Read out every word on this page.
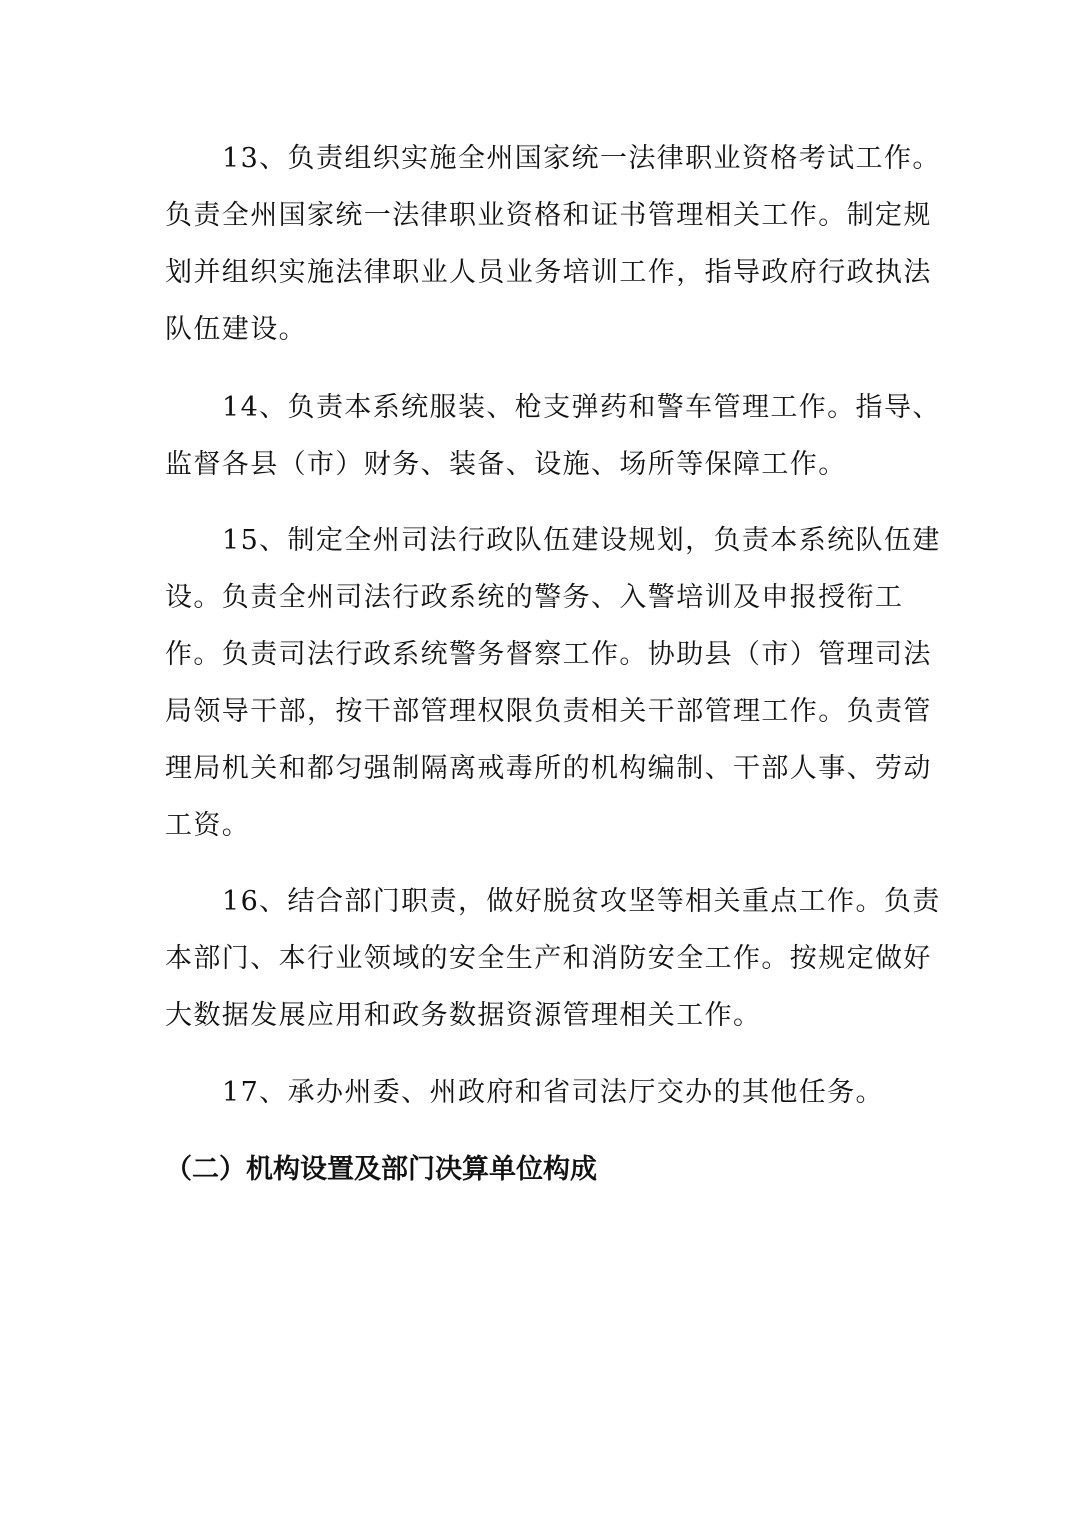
13、负责组织实施全州国家统一法律职业资格考试工作。

负责全州国家统一法律职业资格和证书管理相关工作。制定规

划并组织实施法律职业人员业务培训工作，指导政府行政执法

队伍建设。

14、负责本系统服装、枪支弹药和警车管理工作。指导、

监督各县（市）财务、装备、设施、场所等保障工作。

15、制定全州司法行政队伍建设规划，负责本系统队伍建

设。负责全州司法行政系统的警务、入警培训及申报授衔工

作。负责司法行政系统警务督察工作。协助县（市）管理司法

局领导干部，按干部管理权限负责相关干部管理工作。负责管

理局机关和都匀强制隔离戒毒所的机构编制、干部人事、劳动

工资。

16、结合部门职责，做好脱贫攻坚等相关重点工作。负责

本部门、本行业领域的安全生产和消防安全工作。按规定做好

大数据发展应用和政务数据资源管理相关工作。

17、承办州委、州政府和省司法厅交办的其他任务。

（二）机构设置及部门决算单位构成
